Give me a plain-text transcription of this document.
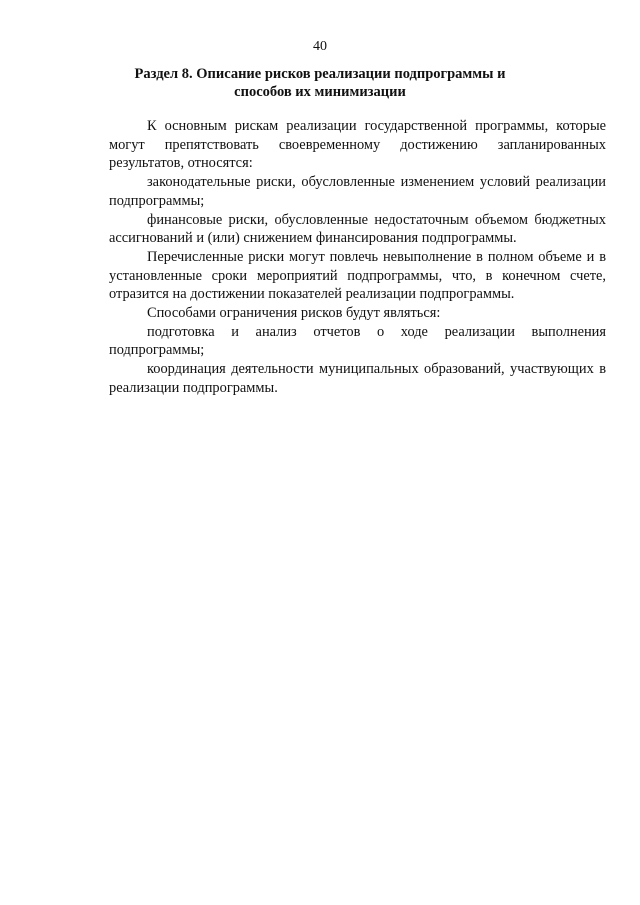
40
Раздел 8. Описание рисков реализации подпрограммы и способов их минимизации

К основным рискам реализации государственной программы, которые могут препятствовать своевременному достижению запланированных результатов, относятся:

законодательные риски, обусловленные изменением условий реализации подпрограммы;

финансовые риски, обусловленные недостаточным объемом бюджетных ассигнований и (или) снижением финансирования подпрограммы.

Перечисленные риски могут повлечь невыполнение в полном объеме и в установленные сроки мероприятий подпрограммы, что, в конечном счете, отразится на достижении показателей реализации подпрограммы.

Способами ограничения рисков будут являться:

подготовка и анализ отчетов о ходе реализации выполнения подпрограммы;

координация деятельности муниципальных образований, участвующих в реализации подпрограммы.
